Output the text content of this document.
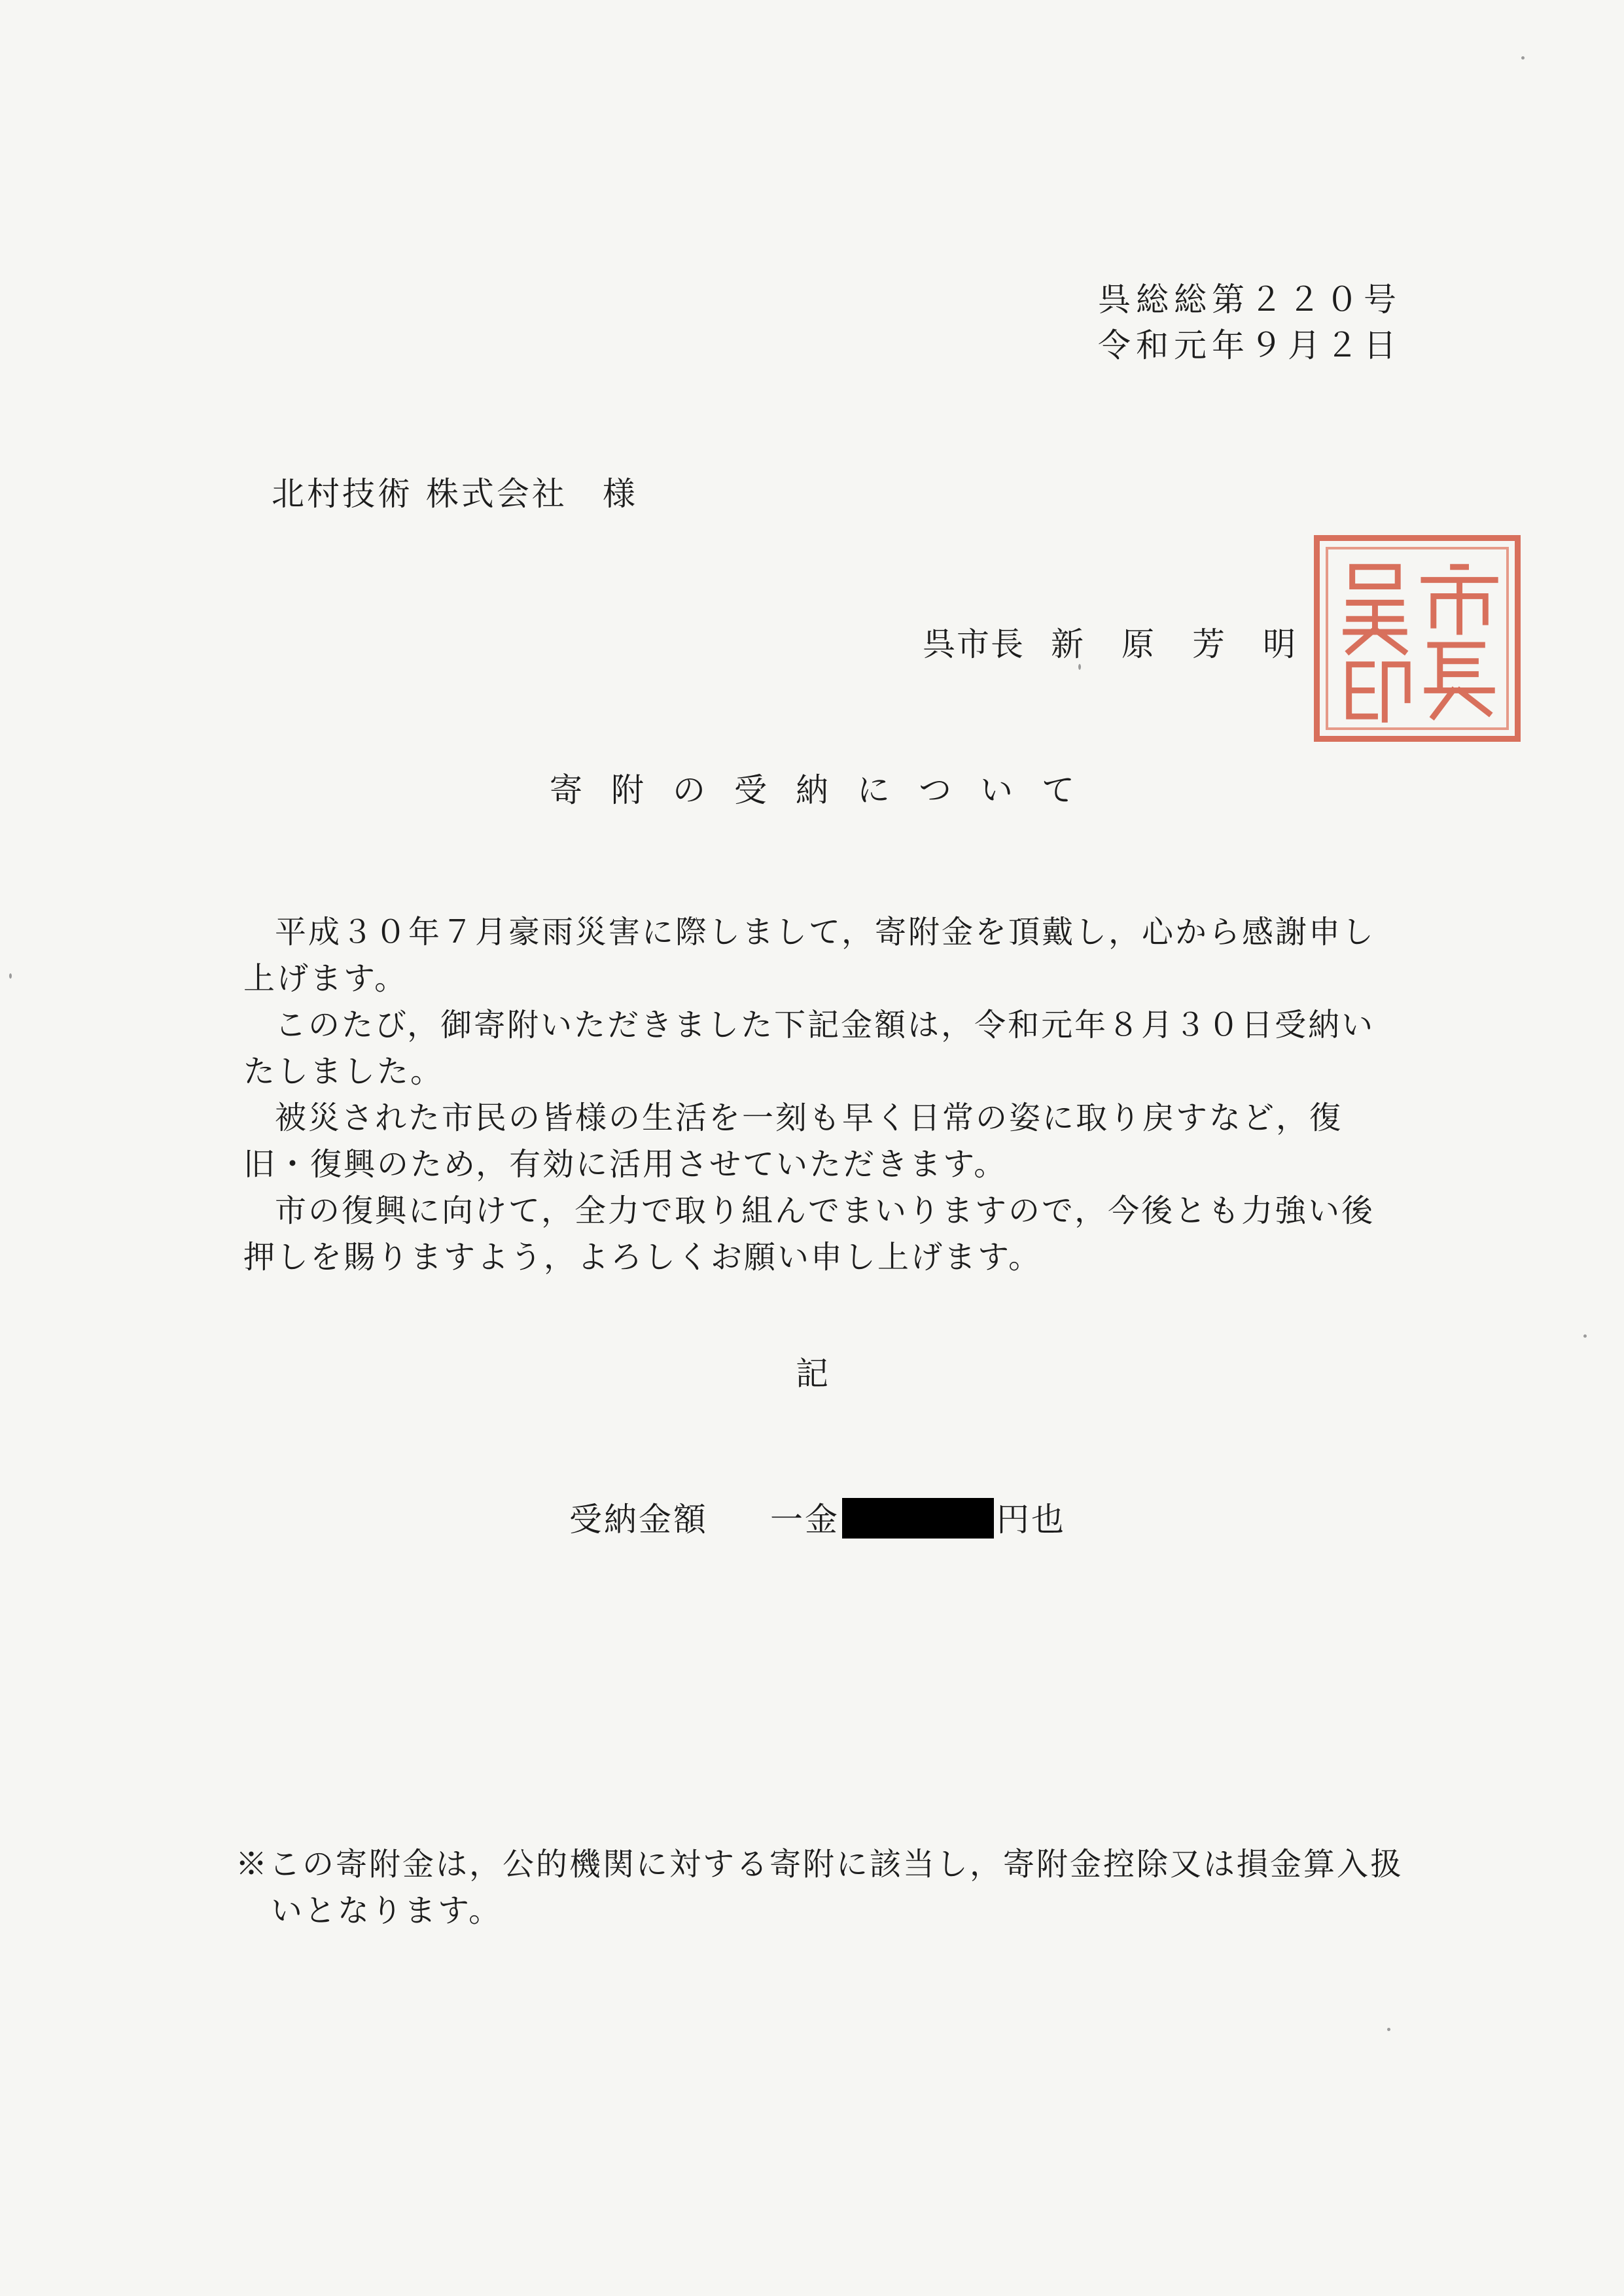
呉総総第２２０号
令和元年９月２日
北村技術 株式会社　様
呉市長 新 原 芳 明
寄 附 の 受 納 に つ い て

平成３０年７月豪雨災害に際しまして，寄附金を頂戴し，心から感謝申し上げます。

このたび，御寄附いただきました下記金額は，令和元年８月３０日受納いたしました。

被災された市民の皆様の生活を一刻も早く日常の姿に取り戻すなど，復旧・復興のため，有効に活用させていただきます。

市の復興に向けて，全力で取り組んでまいりますので，今後とも力強い後押しを賜りますよう，よろしくお願い申し上げます。

記
受納金額 一金	円也

※この寄附金は，公的機関に対する寄附に該当し，寄附金控除又は損金算入扱いとなります。
